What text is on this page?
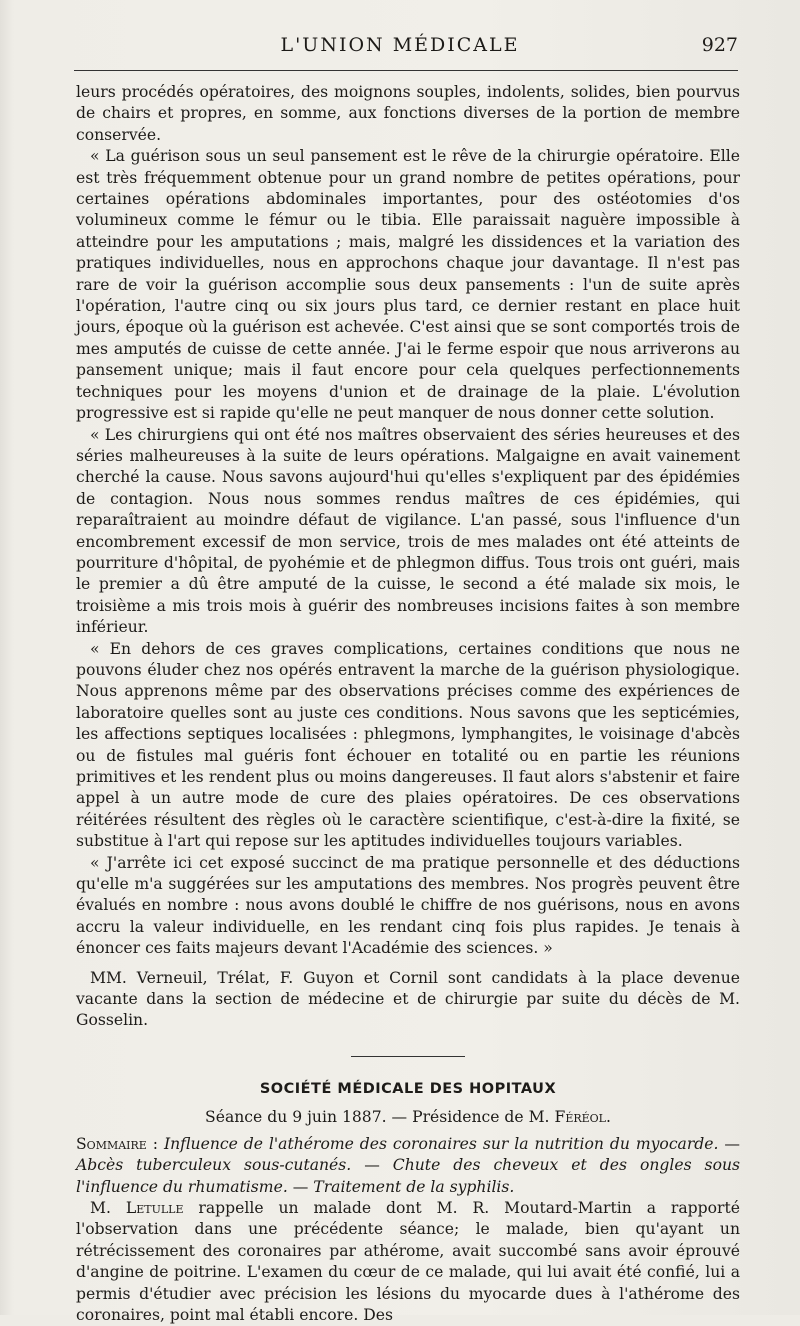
L'UNION MÉDICALE	927

leurs procédés opératoires, des moignons souples, indolents, solides, bien pourvus de chairs et propres, en somme, aux fonctions diverses de la portion de membre conservée.

« La guérison sous un seul pansement est le rêve de la chirurgie opératoire. Elle est très fréquemment obtenue pour un grand nombre de petites opérations, pour certaines opérations abdominales importantes, pour des ostéotomies d'os volumineux comme le fémur ou le tibia. Elle paraissait naguère impossible à atteindre pour les amputations ; mais, malgré les dissidences et la variation des pratiques individuelles, nous en approchons chaque jour davantage. Il n'est pas rare de voir la guérison accomplie sous deux pansements : l'un de suite après l'opération, l'autre cinq ou six jours plus tard, ce dernier restant en place huit jours, époque où la guérison est achevée. C'est ainsi que se sont comportés trois de mes amputés de cuisse de cette année. J'ai le ferme espoir que nous arriverons au pansement unique; mais il faut encore pour cela quelques perfectionnements techniques pour les moyens d'union et de drainage de la plaie. L'évolution progressive est si rapide qu'elle ne peut manquer de nous donner cette solution.

« Les chirurgiens qui ont été nos maîtres observaient des séries heureuses et des séries malheureuses à la suite de leurs opérations. Malgaigne en avait vainement cherché la cause. Nous savons aujourd'hui qu'elles s'expliquent par des épidémies de contagion. Nous nous sommes rendus maîtres de ces épidémies, qui reparaîtraient au moindre défaut de vigilance. L'an passé, sous l'influence d'un encombrement excessif de mon service, trois de mes malades ont été atteints de pourriture d'hôpital, de pyohémie et de phlegmon diffus. Tous trois ont guéri, mais le premier a dû être amputé de la cuisse, le second a été malade six mois, le troisième a mis trois mois à guérir des nombreuses incisions faites à son membre inférieur.

« En dehors de ces graves complications, certaines conditions que nous ne pouvons éluder chez nos opérés entravent la marche de la guérison physiologique. Nous apprenons même par des observations précises comme des expériences de laboratoire quelles sont au juste ces conditions. Nous savons que les septicémies, les affections septiques localisées : phlegmons, lymphangites, le voisinage d'abcès ou de fistules mal guéris font échouer en totalité ou en partie les réunions primitives et les rendent plus ou moins dangereuses. Il faut alors s'abstenir et faire appel à un autre mode de cure des plaies opératoires. De ces observations réitérées résultent des règles où le caractère scientifique, c'est-à-dire la fixité, se substitue à l'art qui repose sur les aptitudes individuelles toujours variables.

« J'arrête ici cet exposé succinct de ma pratique personnelle et des déductions qu'elle m'a suggérées sur les amputations des membres. Nos progrès peuvent être évalués en nombre : nous avons doublé le chiffre de nos guérisons, nous en avons accru la valeur individuelle, en les rendant cinq fois plus rapides. Je tenais à énoncer ces faits majeurs devant l'Académie des sciences. »

MM. Verneuil, Trélat, F. Guyon et Cornil sont candidats à la place devenue vacante dans la section de médecine et de chirurgie par suite du décès de M. Gosselin.

SOCIÉTÉ MÉDICALE DES HOPITAUX
Séance du 9 juin 1887. — Présidence de M. Féréol.

Sommaire : Influence de l'athérome des coronaires sur la nutrition du myocarde. — Abcès tuberculeux sous-cutanés. — Chute des cheveux et des ongles sous l'influence du rhumatisme. — Traitement de la syphilis.

M. Letulle rappelle un malade dont M. R. Moutard-Martin a rapporté l'observation dans une précédente séance; le malade, bien qu'ayant un rétrécissement des coronaires par athérome, avait succombé sans avoir éprouvé d'angine de poitrine. L'examen du cœur de ce malade, qui lui avait été confié, lui a permis d'étudier avec précision les lésions du myocarde dues à l'athérome des coronaires, point mal établi encore. Des
